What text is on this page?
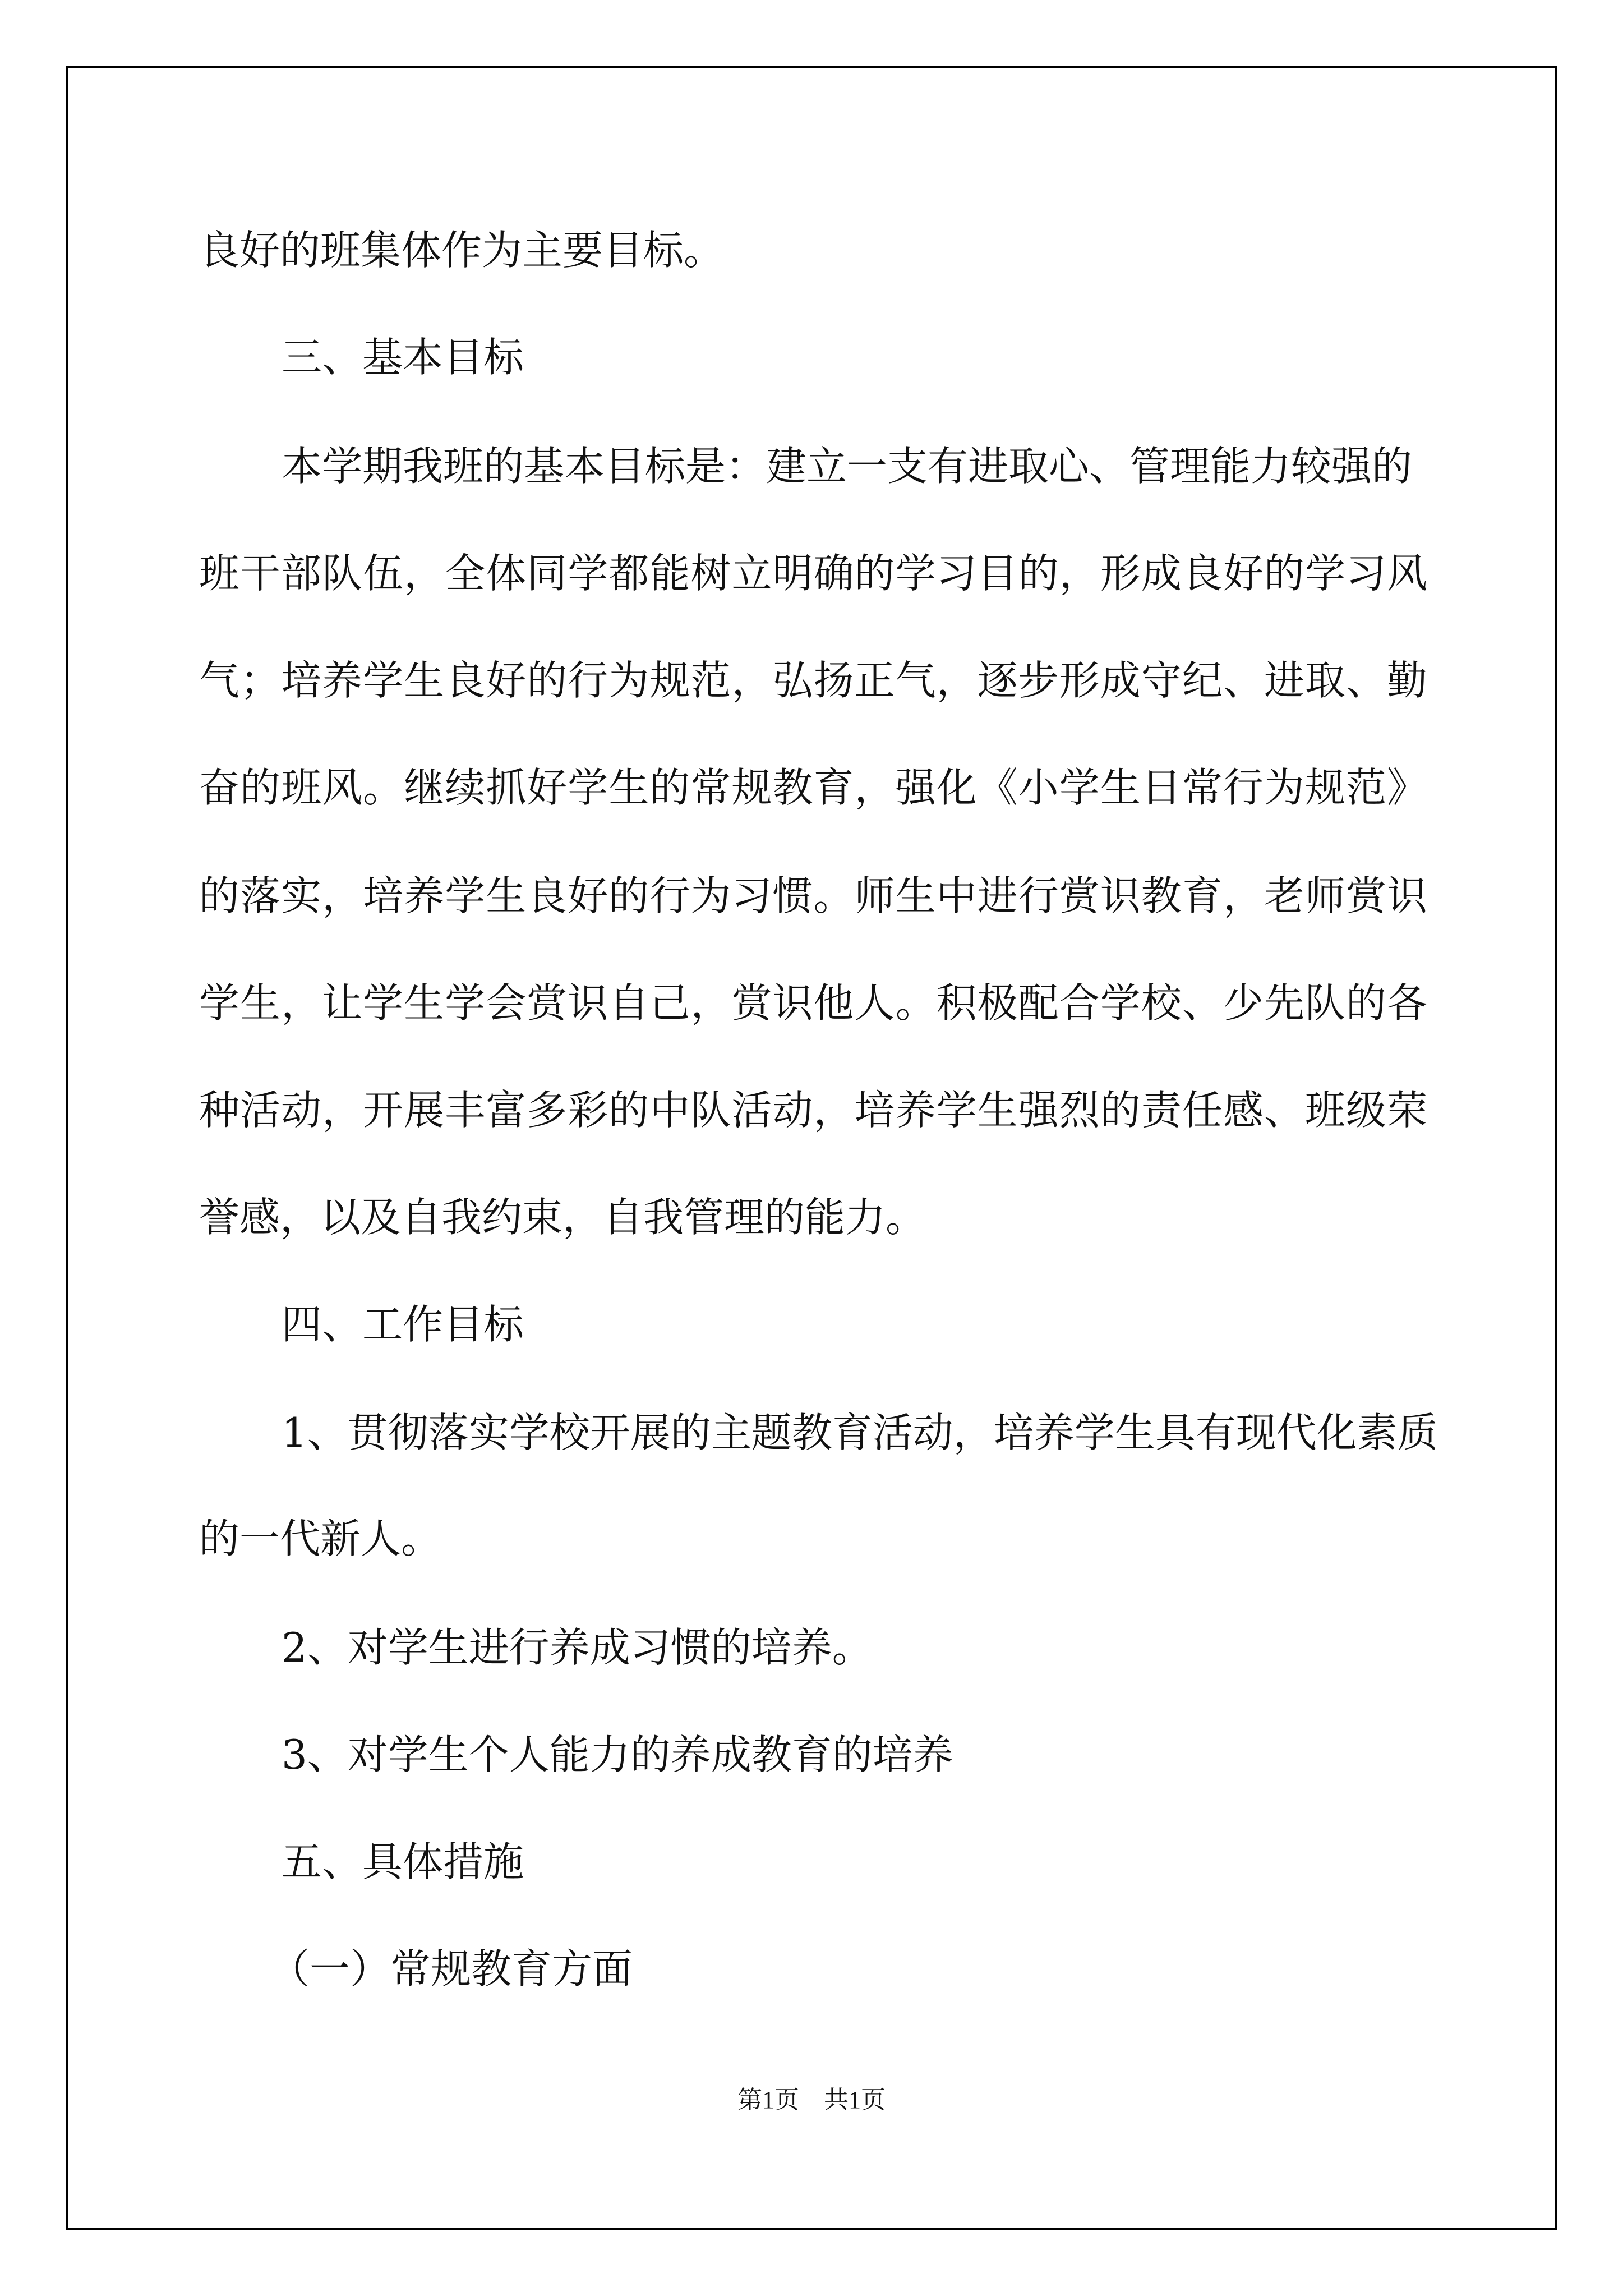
良好的班集体作为主要目标。

三、基本目标

本学期我班的基本目标是：建立一支有进取心、管理能力较强的

班干部队伍，全体同学都能树立明确的学习目的，形成良好的学习风

气；培养学生良好的行为规范，弘扬正气，逐步形成守纪、进取、勤

奋的班风。继续抓好学生的常规教育，强化《小学生日常行为规范》

的落实，培养学生良好的行为习惯。师生中进行赏识教育，老师赏识

学生，让学生学会赏识自己，赏识他人。积极配合学校、少先队的各

种活动，开展丰富多彩的中队活动，培养学生强烈的责任感、班级荣

誉感，以及自我约束，自我管理的能力。

四、工作目标

1、贯彻落实学校开展的主题教育活动，培养学生具有现代化素质

的一代新人。

2、对学生进行养成习惯的培养。

3、对学生个人能力的养成教育的培养

五、具体措施

（一）常规教育方面

第1页　共1页
